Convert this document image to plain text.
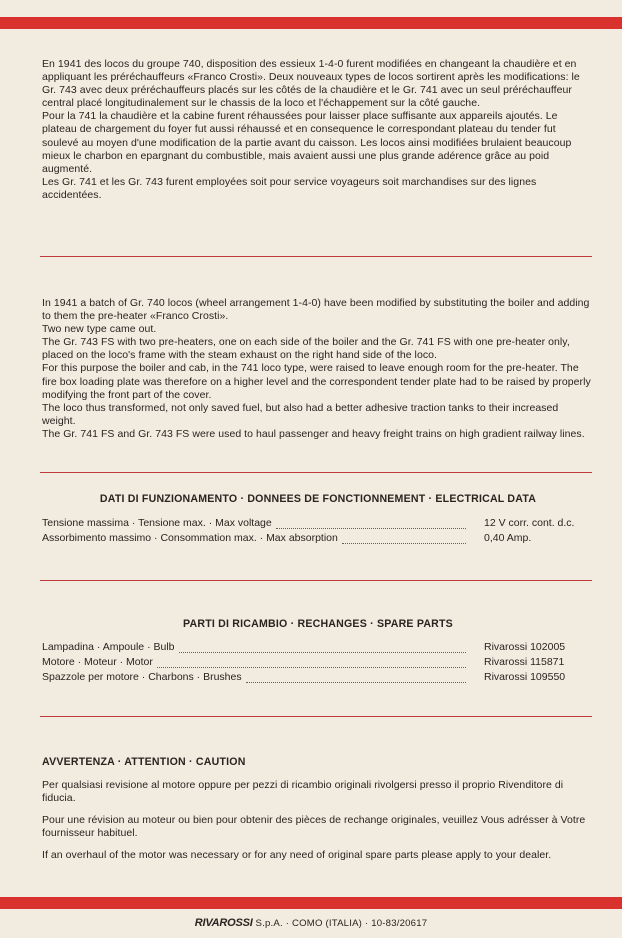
En 1941 des locos du groupe 740, disposition des essieux 1-4-0 furent modifiées en changeant la chaudière et en appliquant les préréchauffeurs «Franco Crosti». Deux nouveaux types de locos sortirent après les modifications: le Gr. 743 avec deux préréchauffeurs placés sur les côtés de la chaudière et le Gr. 741 avec un seul préréchauffeur central placé longitudinalement sur le chassis de la loco et l'échappement sur la côté gauche.

Pour la 741 la chaudière et la cabine furent réhaussées pour laisser place suffisante aux appareils ajoutés. Le plateau de chargement du foyer fut aussi réhaussé et en consequence le correspondant plateau du tender fut soulevé au moyen d'une modification de la partie avant du caisson. Les locos ainsi modifiées brulaient beaucoup mieux le charbon en epargnant du combustible, mais avaient aussi une plus grande adérence grâce au poid augmenté.

Les Gr. 741 et les Gr. 743 furent employées soit pour service voyageurs soit marchandises sur des lignes accidentées.

In 1941 a batch of Gr. 740 locos (wheel arrangement 1-4-0) have been modified by substituting the boiler and adding to them the pre-heater «Franco Crosti».

Two new type came out.

The Gr. 743 FS with two pre-heaters, one on each side of the boiler and the Gr. 741 FS with one pre-heater only, placed on the loco's frame with the steam exhaust on the right hand side of the loco.

For this purpose the boiler and cab, in the 741 loco type, were raised to leave enough room for the pre-heater. The fire box loading plate was therefore on a higher level and the correspondent tender plate had to be raised by properly modifying the front part of the cover.

The loco thus transformed, not only saved fuel, but also had a better adhesive traction tanks to their increased weight.

The Gr. 741 FS and Gr. 743 FS were used to haul passenger and heavy freight trains on high gradient railway lines.

DATI DI FUNZIONAMENTO · DONNEES DE FONCTIONNEMENT · ELECTRICAL DATA
Tensione massima · Tensione max. · Max voltage	12 V corr. cont. d.c.
Assorbimento massimo · Consommation max. · Max absorption	0,40 Amp.
PARTI DI RICAMBIO · RECHANGES · SPARE PARTS
Lampadina · Ampoule · Bulb	Rivarossi 102005
Motore · Moteur · Motor	Rivarossi 115871
Spazzole per motore · Charbons · Brushes	Rivarossi 109550
AVVERTENZA · ATTENTION · CAUTION

Per qualsiasi revisione al motore oppure per pezzi di ricambio originali rivolgersi presso il proprio Rivenditore di fiducia.

Pour une révision au moteur ou bien pour obtenir des pièces de rechange originales, veuillez Vous adrésser à Votre fournisseur habituel.

If an overhaul of the motor was necessary or for any need of original spare parts please apply to your dealer.

RIVAROSSI S.p.A. · COMO (ITALIA) · 10-83/20617
